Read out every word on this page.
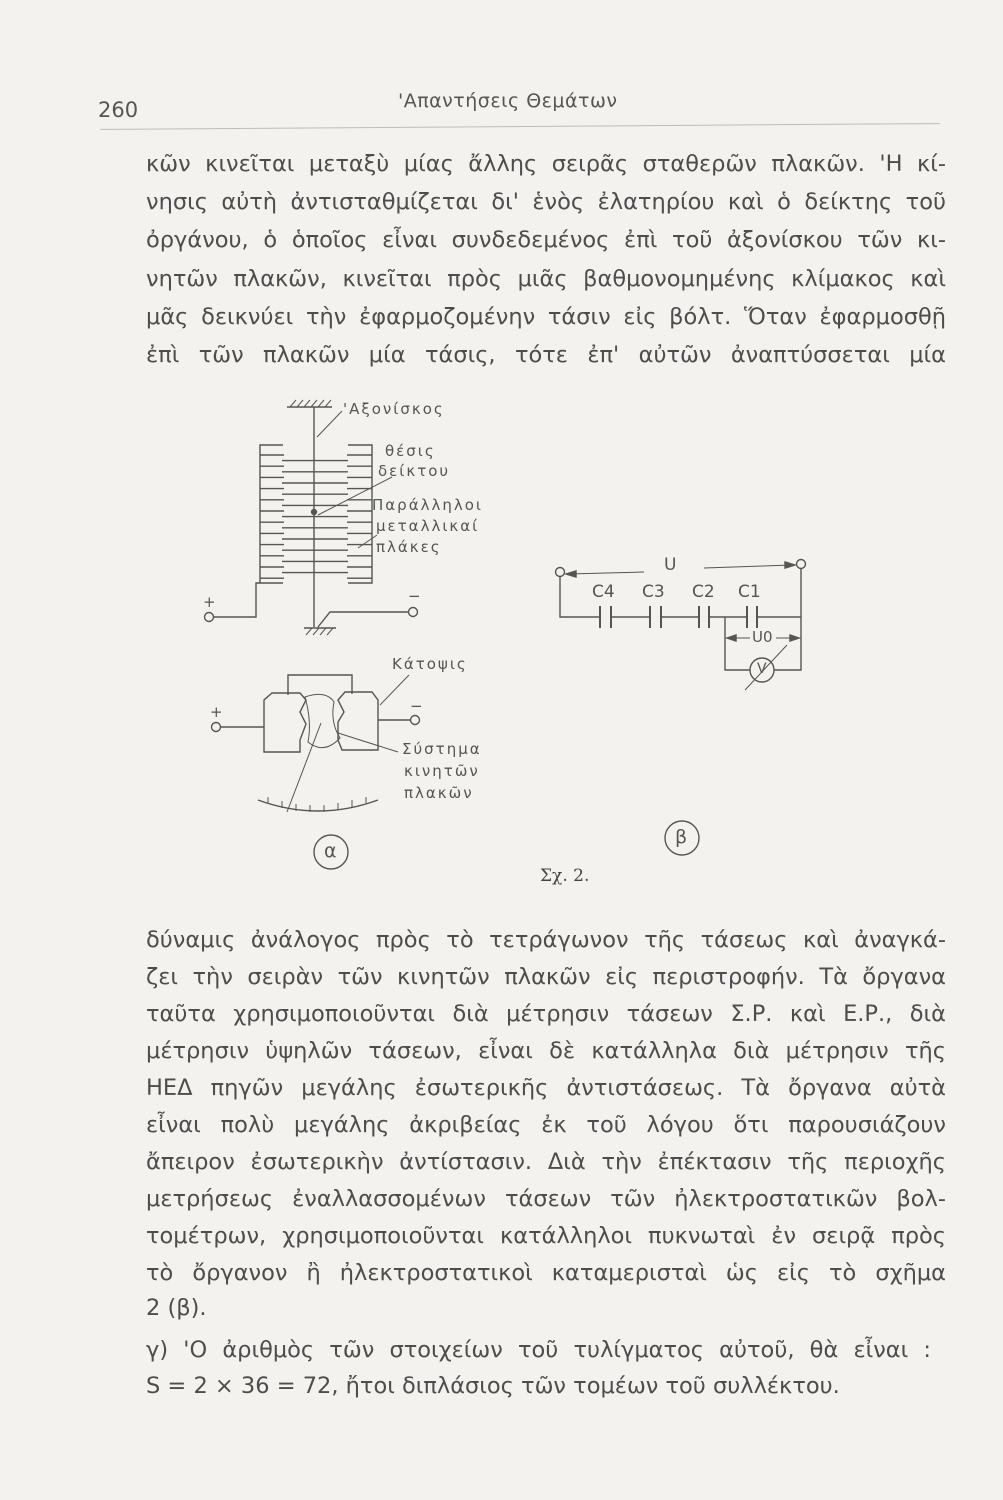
260	'Απαντήσεις Θεμάτων
κῶν κινεῖται μεταξὺ μίας ἄλλης σειρᾶς σταθερῶν πλακῶν. 'Η κί-
νησις αὐτὴ ἀντισταθμίζεται δι' ἑνὸς ἐλατηρίου καὶ ὁ δείκτης τοῦ
ὀργάνου, ὁ ὁποῖος εἶναι συνδεδεμένος ἐπὶ τοῦ ἀξονίσκου τῶν κι-
νητῶν πλακῶν, κινεῖται πρὸς μιᾶς βαθμονομημένης κλίμακος καὶ
μᾶς δεικνύει τὴν ἐφαρμοζομένην τάσιν εἰς βόλτ. Ὅταν ἐφαρμοσθῇ
ἐπὶ τῶν πλακῶν μία τάσις, τότε ἐπ' αὐτῶν ἀναπτύσσεται μία
'Αξονίσκος
θέσις
δείκτου
Παράλληλοι
μεταλλικαί
πλάκες
+	−
Κάτοψις
+	−
Σύστημα
κινητῶν
πλακῶν
α
U
C4 C3 C2 C1
U0
V
β
Σχ. 2.
δύναμις ἀνάλογος πρὸς τὸ τετράγωνον τῆς τάσεως καὶ ἀναγκά-
ζει τὴν σειρὰν τῶν κινητῶν πλακῶν εἰς περιστροφήν. Τὰ ὄργανα
ταῦτα χρησιμοποιοῦνται διὰ μέτρησιν τάσεων Σ.Ρ. καὶ Ε.Ρ., διὰ
μέτρησιν ὑψηλῶν τάσεων, εἶναι δὲ κατάλληλα διὰ μέτρησιν τῆς
ΗΕΔ πηγῶν μεγάλης ἐσωτερικῆς ἀντιστάσεως. Τὰ ὄργανα αὐτὰ
εἶναι πολὺ μεγάλης ἀκριβείας ἐκ τοῦ λόγου ὅτι παρουσιάζουν
ἄπειρον ἐσωτερικὴν ἀντίστασιν. Διὰ τὴν ἐπέκτασιν τῆς περιοχῆς
μετρήσεως ἐναλλασσομένων τάσεων τῶν ἠλεκτροστατικῶν βολ-
τομέτρων, χρησιμοποιοῦνται κατάλληλοι πυκνωταὶ ἐν σειρᾷ πρὸς
τὸ ὄργανον ἢ ἠλεκτροστατικοὶ καταμερισταὶ ὡς εἰς τὸ σχῆμα
2 (β).
γ) 'Ο ἀριθμὸς τῶν στοιχείων τοῦ τυλίγματος αὐτοῦ, θὰ εἶναι :
S = 2 × 36 = 72, ἤτοι διπλάσιος τῶν τομέων τοῦ συλλέκτου.
